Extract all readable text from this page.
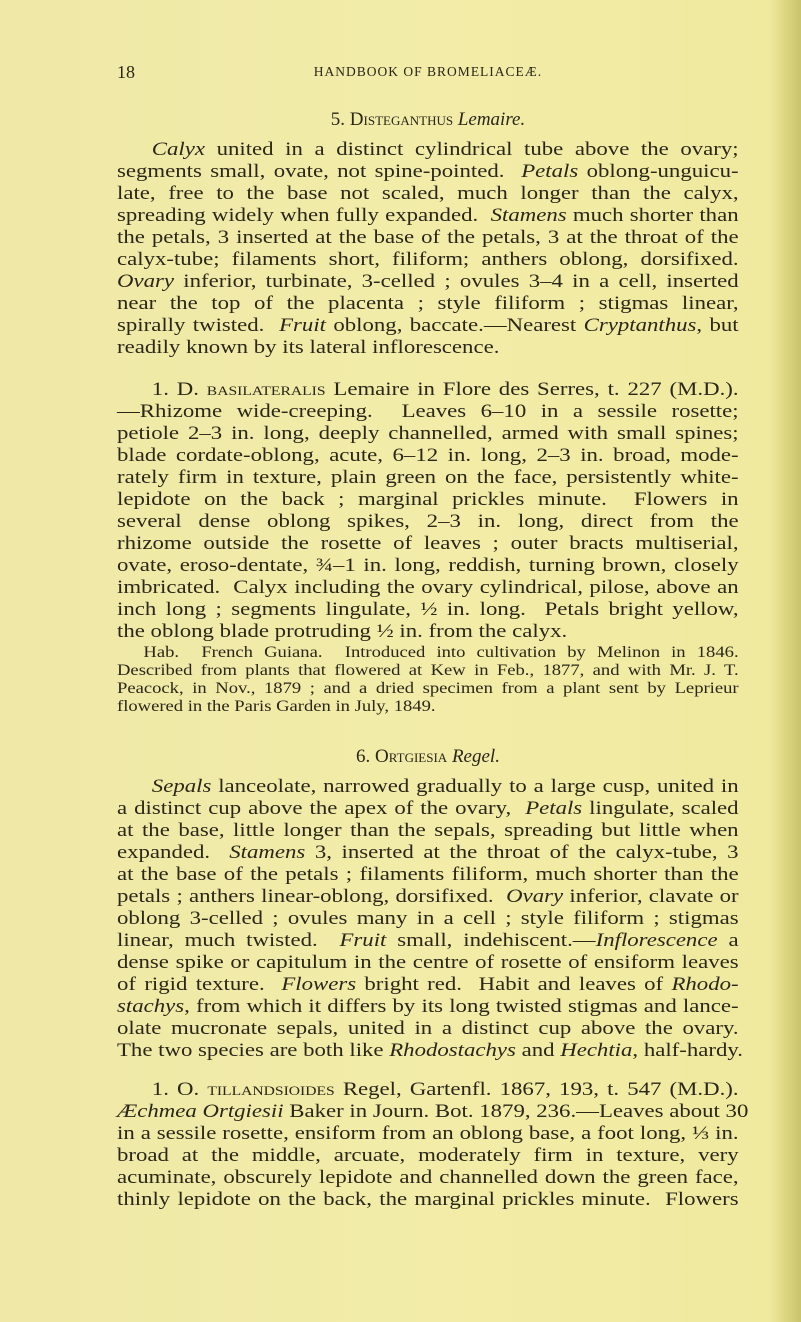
18	HANDBOOK OF BROMELIACEÆ.
5. Disteganthus Lemaire.
Calyx united in a distinct cylindrical tube above the ovary;
segments small, ovate, not spine-pointed.  Petals oblong-unguicu-
late, free to the base not scaled, much longer than the calyx,
spreading widely when fully expanded.  Stamens much shorter than
the petals, 3 inserted at the base of the petals, 3 at the throat of the
calyx-tube; filaments short, filiform; anthers oblong, dorsifixed.
Ovary inferior, turbinate, 3-celled ; ovules 3–4 in a cell, inserted
near the top of the placenta ; style filiform ; stigmas linear,
spirally twisted.  Fruit oblong, baccate.—Nearest Cryptanthus, but
readily known by its lateral inflorescence.
1. D. basilateralis Lemaire in Flore des Serres, t. 227 (M.D.).
—Rhizome wide-creeping.  Leaves 6–10 in a sessile rosette;
petiole 2–3 in. long, deeply channelled, armed with small spines;
blade cordate-oblong, acute, 6–12 in. long, 2–3 in. broad, mode-
rately firm in texture, plain green on the face, persistently white-
lepidote on the back ; marginal prickles minute.  Flowers in
several dense oblong spikes, 2–3 in. long, direct from the
rhizome outside the rosette of leaves ; outer bracts multiserial,
ovate, eroso-dentate, ¾–1 in. long, reddish, turning brown, closely
imbricated.  Calyx including the ovary cylindrical, pilose, above an
inch long ; segments lingulate, ½ in. long.  Petals bright yellow,
the oblong blade protruding ½ in. from the calyx.
Hab.  French Guiana.  Introduced into cultivation by Melinon in 1846.
Described from plants that flowered at Kew in Feb., 1877, and with Mr. J. T.
Peacock, in Nov., 1879 ; and a dried specimen from a plant sent by Leprieur
flowered in the Paris Garden in July, 1849.
6. Ortgiesia Regel.
Sepals lanceolate, narrowed gradually to a large cusp, united in
a distinct cup above the apex of the ovary,  Petals lingulate, scaled
at the base, little longer than the sepals, spreading but little when
expanded.  Stamens 3, inserted at the throat of the calyx-tube, 3
at the base of the petals ; filaments filiform, much shorter than the
petals ; anthers linear-oblong, dorsifixed.  Ovary inferior, clavate or
oblong 3-celled ; ovules many in a cell ; style filiform ; stigmas
linear, much twisted.  Fruit small, indehiscent.—Inflorescence a
dense spike or capitulum in the centre of rosette of ensiform leaves
of rigid texture.  Flowers bright red.  Habit and leaves of Rhodo-
stachys, from which it differs by its long twisted stigmas and lance-
olate mucronate sepals, united in a distinct cup above the ovary.
The two species are both like Rhodostachys and Hechtia, half-hardy.
1. O. tillandsioides Regel, Gartenfl. 1867, 193, t. 547 (M.D.).
Æchmea Ortgiesii Baker in Journ. Bot. 1879, 236.—Leaves about 30
in a sessile rosette, ensiform from an oblong base, a foot long, ⅓ in.
broad at the middle, arcuate, moderately firm in texture, very
acuminate, obscurely lepidote and channelled down the green face,
thinly lepidote on the back, the marginal prickles minute.  Flowers
